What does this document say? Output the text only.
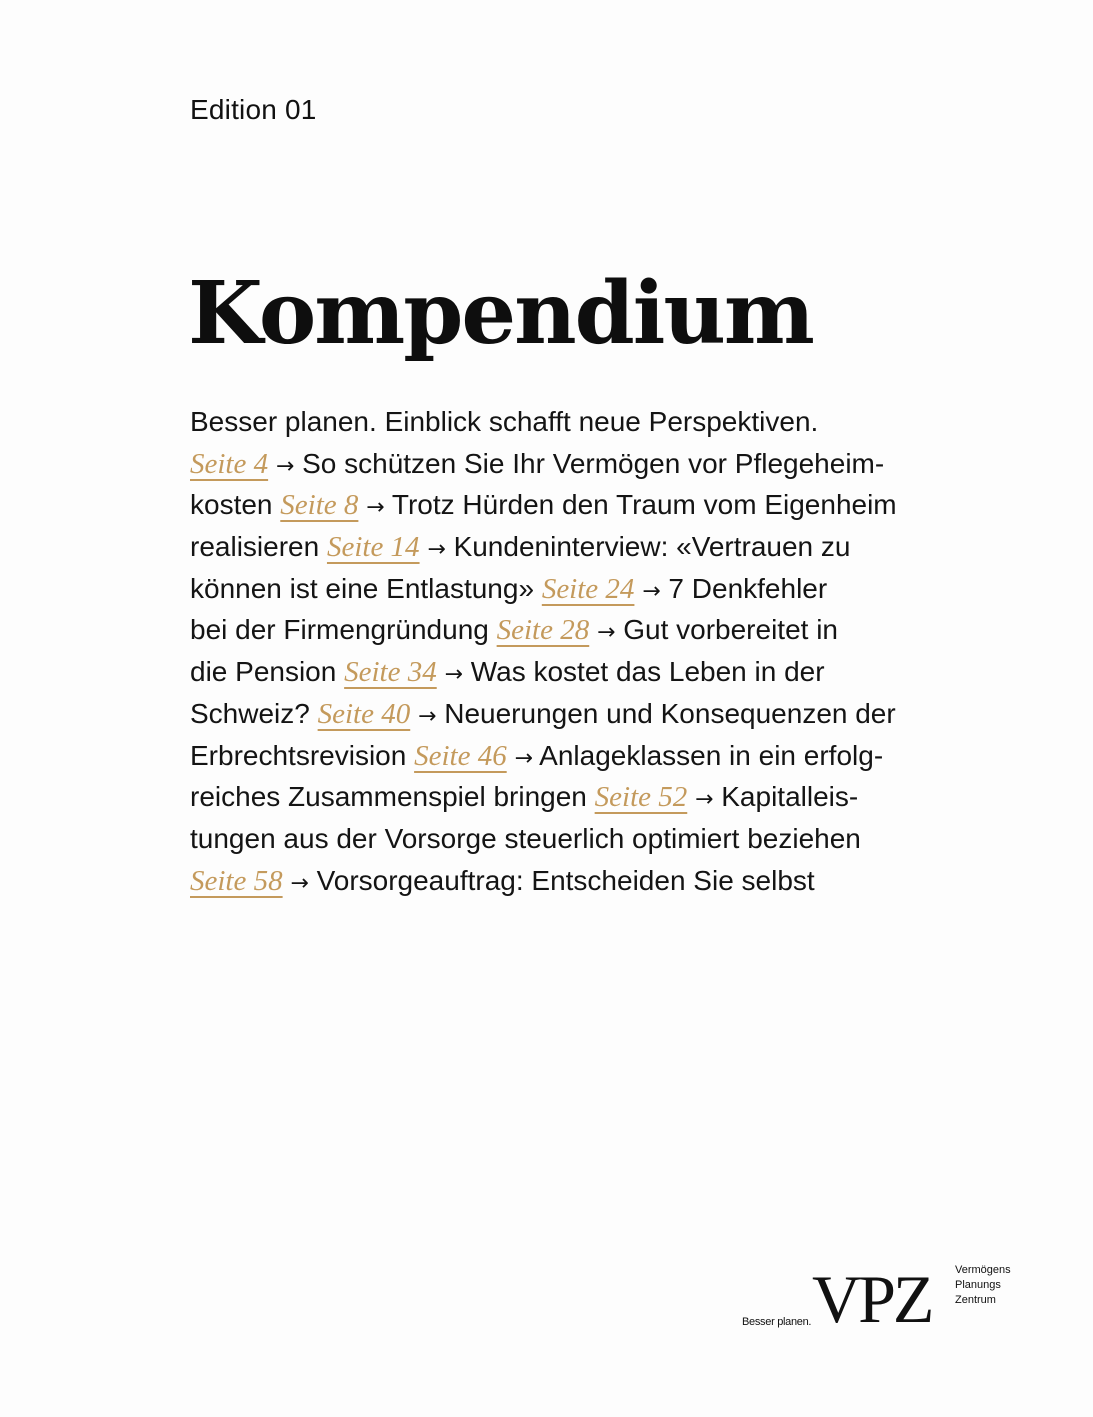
Edition 01
Kompendium
Besser planen. Einblick schafft neue Perspektiven.
Seite 4 → So schützen Sie Ihr Vermögen vor Pflegeheim-
kosten Seite 8 → Trotz Hürden den Traum vom Eigenheim
realisieren Seite 14 → Kundeninterview: «Vertrauen zu
können ist eine Entlastung» Seite 24 → 7 Denkfehler
bei der Firmengründung Seite 28 → Gut vorbereitet in
die Pension Seite 34 → Was kostet das Leben in der
Schweiz? Seite 40 → Neuerungen und Konsequenzen der
Erbrechtsrevision Seite 46 → Anlageklassen in ein erfolg-
reiches Zusammenspiel bringen Seite 52 → Kapitalleis-
tungen aus der Vorsorge steuerlich optimiert beziehen
Seite 58 → Vorsorgeauftrag: Entscheiden Sie selbst
Besser planen. VPZ Vermögens
Planungs
Zentrum
